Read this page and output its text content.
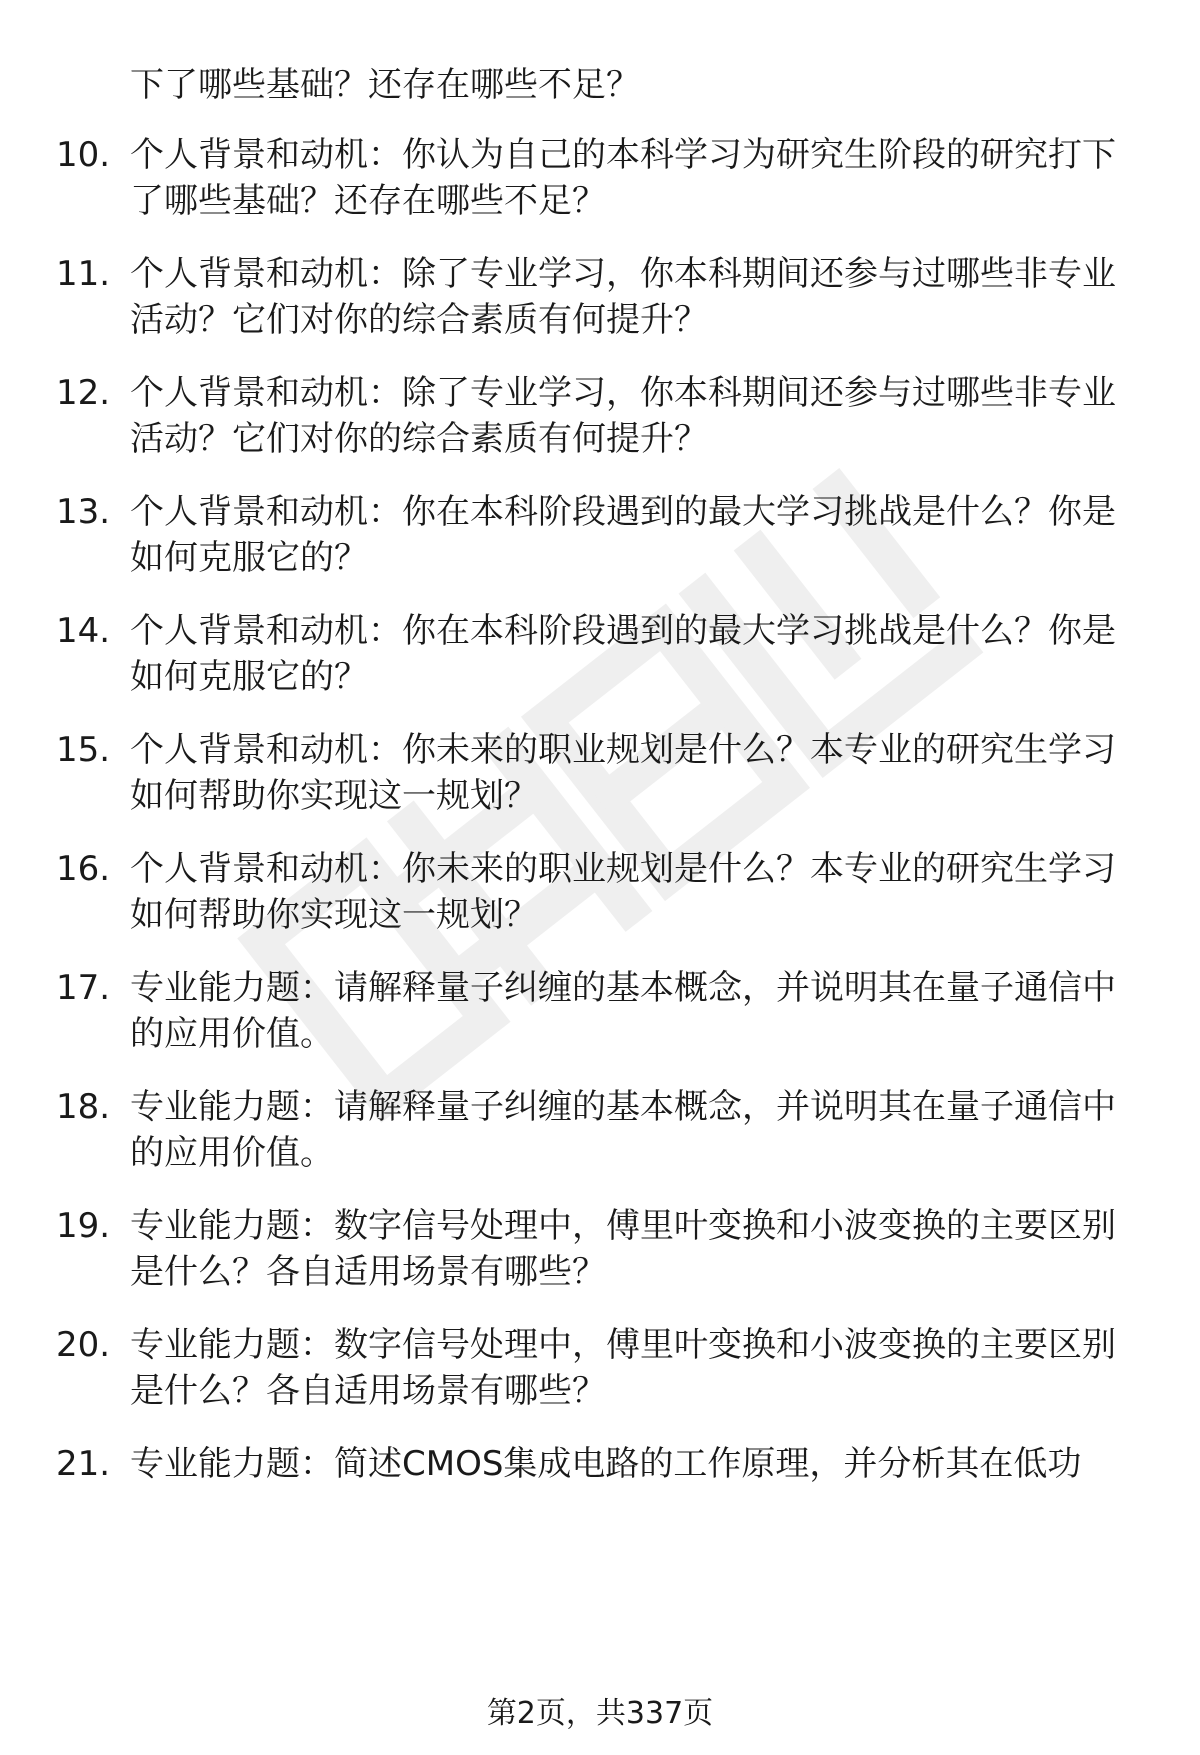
下了哪些基础？还存在哪些不足？
10. 个人背景和动机：你认为自己的本科学习为研究生阶段的研究打下了哪些基础？还存在哪些不足？
11. 个人背景和动机：除了专业学习，你本科期间还参与过哪些非专业活动？它们对你的综合素质有何提升？
12. 个人背景和动机：除了专业学习，你本科期间还参与过哪些非专业活动？它们对你的综合素质有何提升？
13. 个人背景和动机：你在本科阶段遇到的最大学习挑战是什么？你是如何克服它的？
14. 个人背景和动机：你在本科阶段遇到的最大学习挑战是什么？你是如何克服它的？
15. 个人背景和动机：你未来的职业规划是什么？本专业的研究生学习如何帮助你实现这一规划？
16. 个人背景和动机：你未来的职业规划是什么？本专业的研究生学习如何帮助你实现这一规划？
17. 专业能力题：请解释量子纠缠的基本概念，并说明其在量子通信中的应用价值。
18. 专业能力题：请解释量子纠缠的基本概念，并说明其在量子通信中的应用价值。
19. 专业能力题：数字信号处理中，傅里叶变换和小波变换的主要区别是什么？各自适用场景有哪些？
20. 专业能力题：数字信号处理中，傅里叶变换和小波变换的主要区别是什么？各自适用场景有哪些？
21. 专业能力题：简述CMOS集成电路的工作原理，并分析其在低功
第2页，共337页
